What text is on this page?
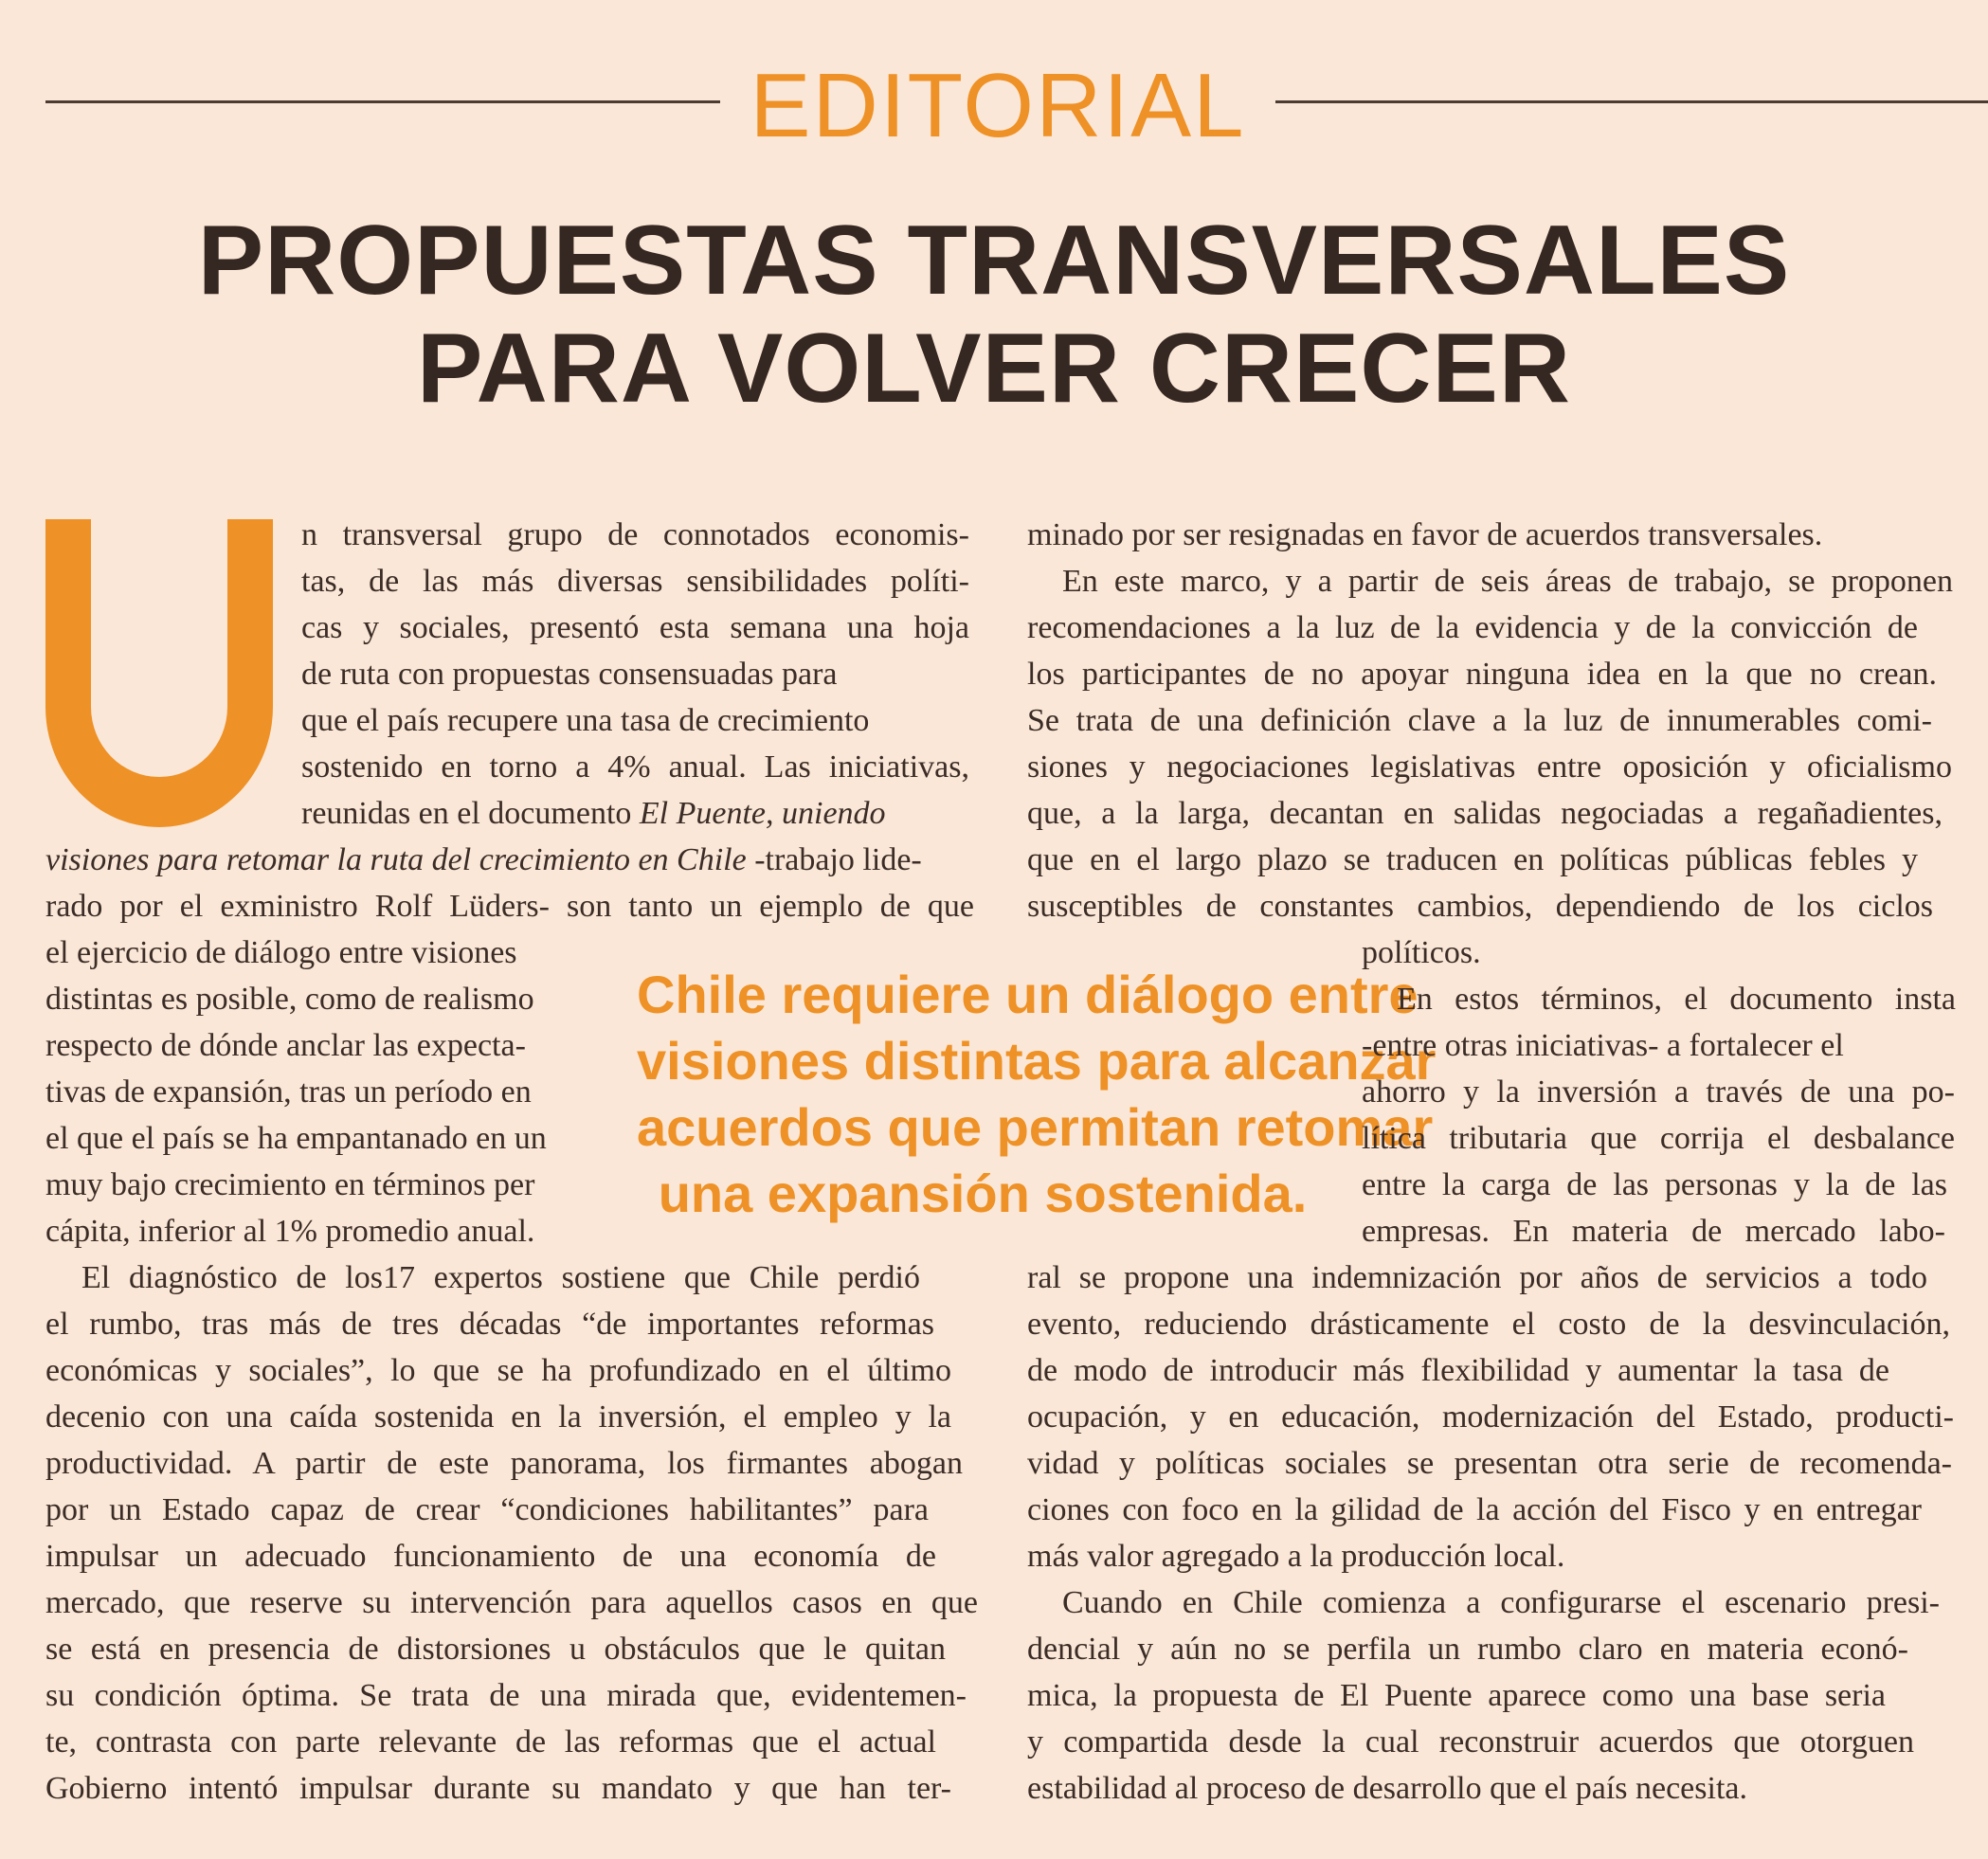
EDITORIAL
PROPUESTAS TRANSVERSALES
PARA VOLVER CRECER
n transversal grupo de connotados economis-
tas, de las más diversas sensibilidades políti-
cas y sociales, presentó esta semana una hoja
de ruta con propuestas consensuadas para
que el país recupere una tasa de crecimiento
sostenido en torno a 4% anual. Las iniciativas,
reunidas en el documento El Puente, uniendo
visiones para retomar la ruta del crecimiento en Chile -trabajo lide-
rado por el exministro Rolf Lüders- son tanto un ejemplo de que
el ejercicio de diálogo entre visiones
distintas es posible, como de realismo
respecto de dónde anclar las expecta-
tivas de expansión, tras un período en
el que el país se ha empantanado en un
muy bajo crecimiento en términos per
cápita, inferior al 1% promedio anual.
El diagnóstico de los17 expertos sostiene que Chile perdió
el rumbo, tras más de tres décadas “de importantes reformas
económicas y sociales”, lo que se ha profundizado en el último
decenio con una caída sostenida en la inversión, el empleo y la
productividad. A partir de este panorama, los firmantes abogan
por un Estado capaz de crear “condiciones habilitantes” para
impulsar un adecuado funcionamiento de una economía de
mercado, que reserve su intervención para aquellos casos en que
se está en presencia de distorsiones u obstáculos que le quitan
su condición óptima. Se trata de una mirada que, evidentemen-
te, contrasta con parte relevante de las reformas que el actual
Gobierno intentó impulsar durante su mandato y que han ter-
Chile requiere un diálogo entre
visiones distintas para alcanzar
acuerdos que permitan retomar
una expansión sostenida.
minado por ser resignadas en favor de acuerdos transversales.
En este marco, y a partir de seis áreas de trabajo, se proponen
recomendaciones a la luz de la evidencia y de la convicción de
los participantes de no apoyar ninguna idea en la que no crean.
Se trata de una definición clave a la luz de innumerables comi-
siones y negociaciones legislativas entre oposición y oficialismo
que, a la larga, decantan en salidas negociadas a regañadientes,
que en el largo plazo se traducen en políticas públicas febles y
susceptibles de constantes cambios, dependiendo de los ciclos
políticos.
En estos términos, el documento insta
-entre otras iniciativas- a fortalecer el
ahorro y la inversión a través de una po-
lítica tributaria que corrija el desbalance
entre la carga de las personas y la de las
empresas. En materia de mercado labo-
ral se propone una indemnización por años de servicios a todo
evento, reduciendo drásticamente el costo de la desvinculación,
de modo de introducir más flexibilidad y aumentar la tasa de
ocupación, y en educación, modernización del Estado, producti-
vidad y políticas sociales se presentan otra serie de recomenda-
ciones con foco en la gilidad de la acción del Fisco y en entregar
más valor agregado a la producción local.
Cuando en Chile comienza a configurarse el escenario presi-
dencial y aún no se perfila un rumbo claro en materia econó-
mica, la propuesta de El Puente aparece como una base seria
y compartida desde la cual reconstruir acuerdos que otorguen
estabilidad al proceso de desarrollo que el país necesita.
